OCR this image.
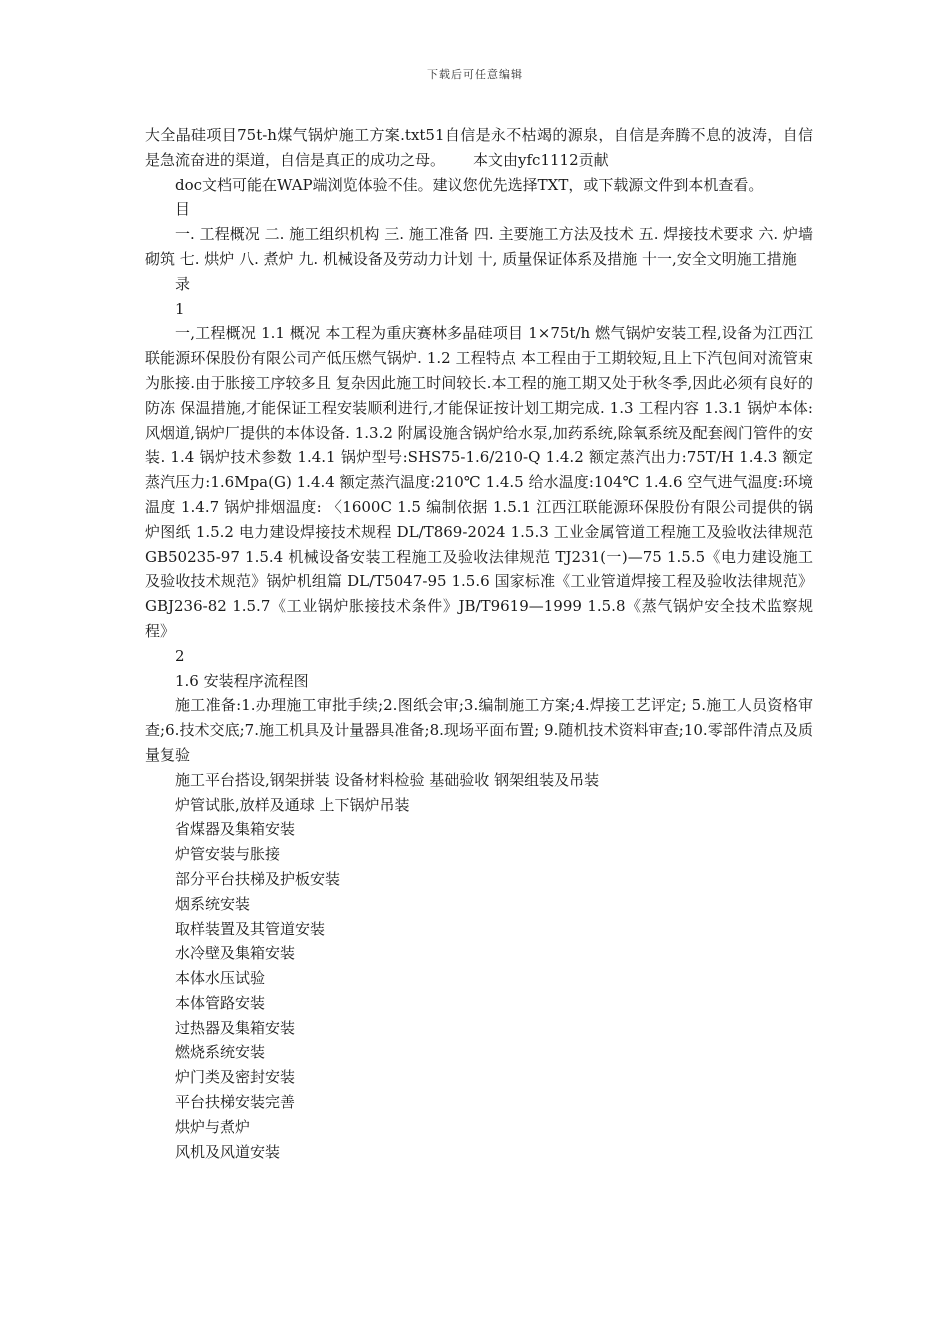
下载后可任意编辑

大全晶硅项目75t-h煤气锅炉施工方案.txt51自信是永不枯竭的源泉，自信是奔腾不息的波涛，自信是急流奋进的渠道，自信是真正的成功之母。 本文由yfc1112贡献

doc文档可能在WAP端浏览体验不佳。建议您优先选择TXT，或下载源文件到本机查看。

目

一. 工程概况 二. 施工组织机构 三. 施工准备 四. 主要施工方法及技术 五. 焊接技术要求 六. 炉墙砌筑 七. 烘炉 八. 煮炉 九. 机械设备及劳动力计划 十, 质量保证体系及措施 十一,安全文明施工措施

录

1

一,工程概况 1.1 概况 本工程为重庆赛林多晶硅项目 1×75t/h 燃气锅炉安装工程,设备为江西江 联能源环保股份有限公司产低压燃气锅炉. 1.2 工程特点 本工程由于工期较短,且上下汽包间对流管束为胀接.由于胀接工序较多且 复杂因此施工时间较长.本工程的施工期又处于秋冬季,因此必须有良好的防冻 保温措施,才能保证工程安装顺利进行,才能保证按计划工期完成. 1.3 工程内容 1.3.1 锅炉本体:风烟道,锅炉厂提供的本体设备. 1.3.2 附属设施含锅炉给水泵,加药系统,除氧系统及配套阀门管件的安装. 1.4 锅炉技术参数 1.4.1 锅炉型号:SHS75-1.6/210-Q 1.4.2 额定蒸汽出力:75T/H 1.4.3 额定蒸汽压力:1.6Mpa(G) 1.4.4 额定蒸汽温度:210℃ 1.4.5 给水温度:104℃ 1.4.6 空气进气温度:环境温度 1.4.7 锅炉排烟温度: 〈1600C 1.5 编制依据 1.5.1 江西江联能源环保股份有限公司提供的锅炉图纸 1.5.2 电力建设焊接技术规程 DL/T869-2024 1.5.3 工业金属管道工程施工及验收法律规范 GB50235-97 1.5.4 机械设备安装工程施工及验收法律规范 TJ231(一)—75 1.5.5《电力建设施工及验收技术规范》锅炉机组篇 DL/T5047-95 1.5.6 国家标准《工业管道焊接工程及验收法律规范》GBJ236-82 1.5.7《工业锅炉胀接技术条件》JB/T9619—1999 1.5.8《蒸气锅炉安全技术监察规程》

2

1.6 安装程序流程图

施工准备:1.办理施工审批手续;2.图纸会审;3.编制施工方案;4.焊接工艺评定; 5.施工人员资格审查;6.技术交底;7.施工机具及计量器具准备;8.现场平面布置; 9.随机技术资料审查;10.零部件清点及质量复验

施工平台搭设,钢架拼装 设备材料检验 基础验收 钢架组装及吊装

炉管试胀,放样及通球 上下锅炉吊装

省煤器及集箱安装

炉管安装与胀接

部分平台扶梯及护板安装

烟系统安装

取样装置及其管道安装

水冷壁及集箱安装

本体水压试验

本体管路安装

过热器及集箱安装

燃烧系统安装

炉门类及密封安装

平台扶梯安装完善

烘炉与煮炉

风机及风道安装
